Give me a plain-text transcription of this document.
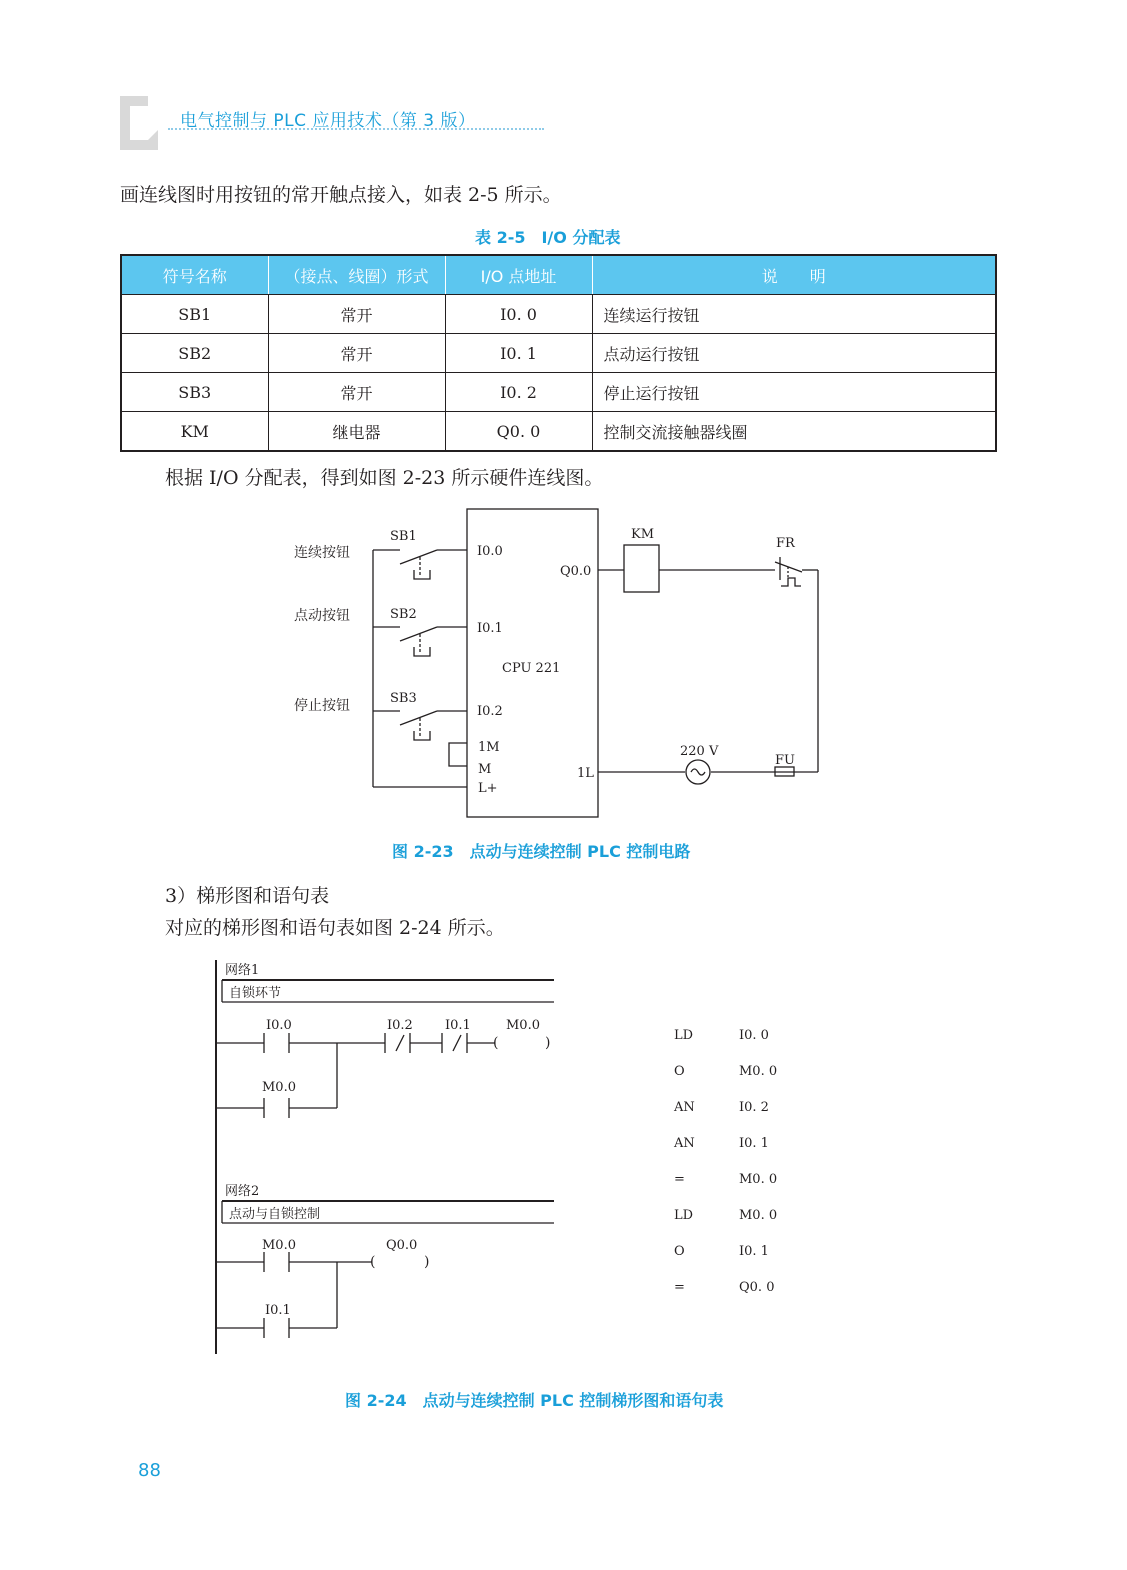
电气控制与 PLC 应用技术（第 3 版）
画连线图时用按钮的常开触点接入，如表 2-5 所示。
表 2-5　I/O 分配表
符号名称	（接点、线圈）形式	I/O 点地址	说　　明
SB1	常开	I0. 0	连续运行按钮
SB2	常开	I0. 1	点动运行按钮
SB3	常开	I0. 2	停止运行按钮
KM	继电器	Q0. 0	控制交流接触器线圈
根据 I/O 分配表，得到如图 2-23 所示硬件连线图。
连续按钮
点动按钮
停止按钮
SB1
SB2
SB3
I0.0
I0.1
I0.2
Q0.0
CPU 221
1M
M
L+
1L
KM
FR
FU
220 V
图 2-23　点动与连续控制 PLC 控制电路
3）梯形图和语句表
对应的梯形图和语句表如图 2-24 所示。
网络1
自锁环节
I0.0
M0.0
I0.2 I0.1	M0.0
(	)
网络2
点动与自锁控制
M0.0
I0.1
Q0.0
(	)
LD	I0. 0
O	M0. 0
AN	I0. 2
AN	I0. 1
=	M0. 0
LD	M0. 0
O	I0. 1
=	Q0. 0
图 2-24　点动与连续控制 PLC 控制梯形图和语句表
88
